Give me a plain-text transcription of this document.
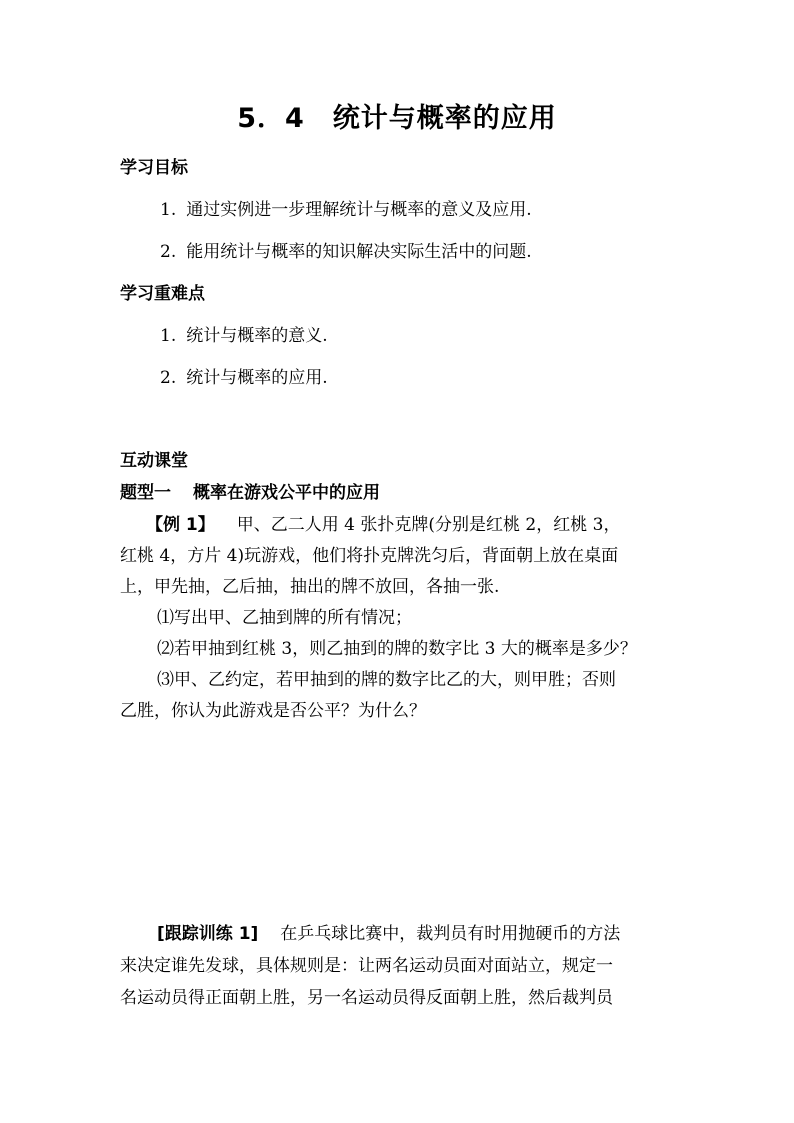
5．4　统计与概率的应用
学习目标
1. 通过实例进一步理解统计与概率的意义及应用.
2. 能用统计与概率的知识解决实际生活中的问题.
学习重难点
1. 统计与概率的意义.
2. 统计与概率的应用.
互动课堂
题型一 概率在游戏公平中的应用
【例 1】 甲、乙二人用 4 张扑克牌(分别是红桃 2，红桃 3，
红桃 4，方片 4)玩游戏，他们将扑克牌洗匀后，背面朝上放在桌面
上，甲先抽，乙后抽，抽出的牌不放回，各抽一张.
⑴写出甲、乙抽到牌的所有情况；
⑵若甲抽到红桃 3，则乙抽到的牌的数字比 3 大的概率是多少？
⑶甲、乙约定，若甲抽到的牌的数字比乙的大，则甲胜；否则
乙胜，你认为此游戏是否公平？为什么？
[跟踪训练 1] 在乒乓球比赛中，裁判员有时用抛硬币的方法
来决定谁先发球，具体规则是：让两名运动员面对面站立，规定一
名运动员得正面朝上胜，另一名运动员得反面朝上胜，然后裁判员
